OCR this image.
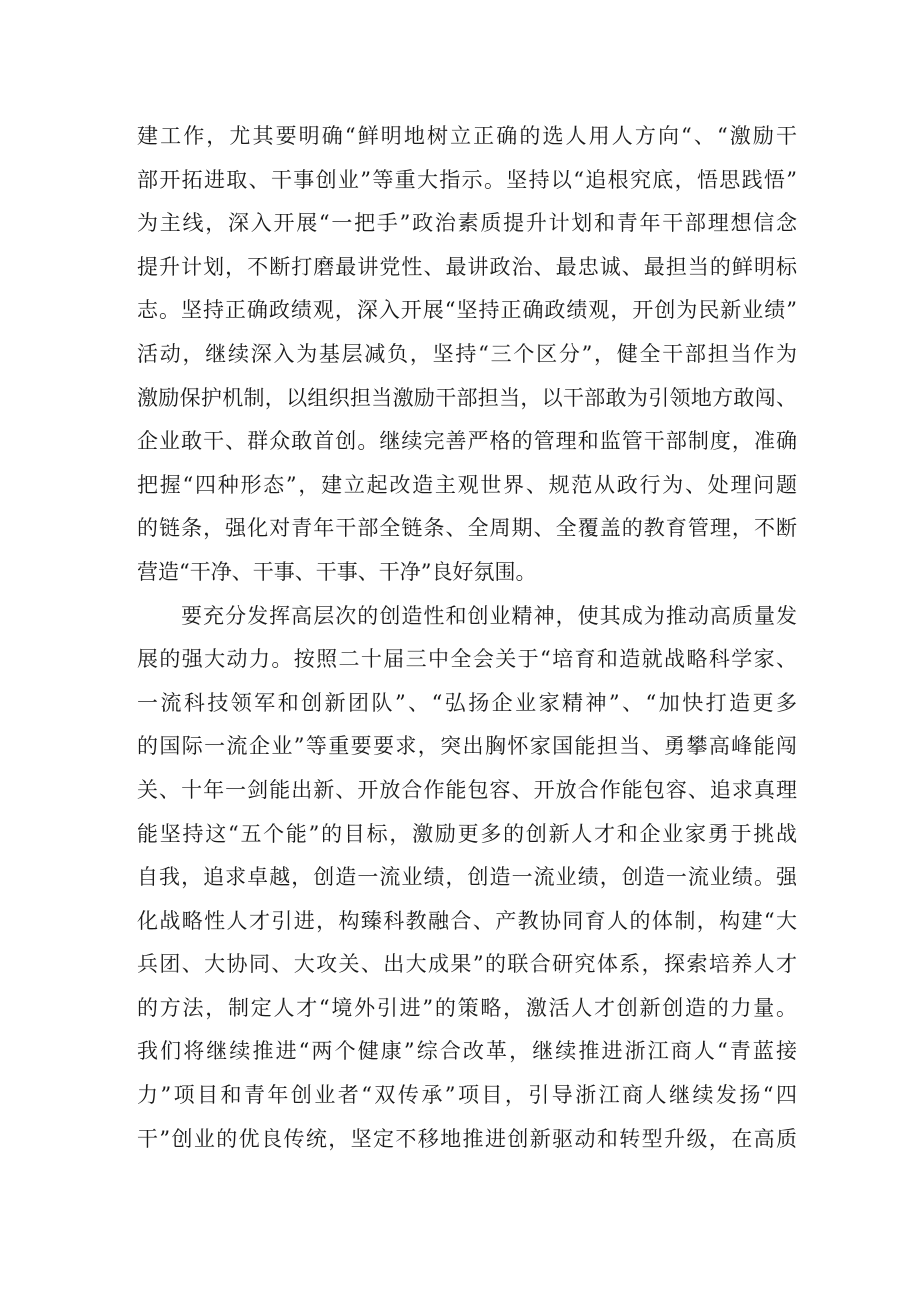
建工作，尤其要明确“鲜明地树立正确的选人用人方向“、“激励干
部开拓进取、干事创业”等重大指示。坚持以“追根究底，悟思践悟”
为主线，深入开展“一把手”政治素质提升计划和青年干部理想信念
提升计划，不断打磨最讲党性、最讲政治、最忠诚、最担当的鲜明标
志。坚持正确政绩观，深入开展“坚持正确政绩观，开创为民新业绩”
活动，继续深入为基层减负，坚持“三个区分”，健全干部担当作为
激励保护机制，以组织担当激励干部担当，以干部敢为引领地方敢闯、
企业敢干、群众敢首创。继续完善严格的管理和监管干部制度，准确
把握“四种形态”，建立起改造主观世界、规范从政行为、处理问题
的链条，强化对青年干部全链条、全周期、全覆盖的教育管理，不断
营造“干净、干事、干事、干净”良好氛围。
要充分发挥高层次的创造性和创业精神，使其成为推动高质量发
展的强大动力。按照二十届三中全会关于“培育和造就战略科学家、
一流科技领军和创新团队”、“弘扬企业家精神”、“加快打造更多
的国际一流企业”等重要要求，突出胸怀家国能担当、勇攀高峰能闯
关、十年一剑能出新、开放合作能包容、开放合作能包容、追求真理
能坚持这“五个能”的目标，激励更多的创新人才和企业家勇于挑战
自我，追求卓越，创造一流业绩，创造一流业绩，创造一流业绩。强
化战略性人才引进，构臻科教融合、产教协同育人的体制，构建“大
兵团、大协同、大攻关、出大成果”的联合研究体系，探索培养人才
的方法，制定人才“境外引进”的策略，激活人才创新创造的力量。
我们将继续推进“两个健康”综合改革，继续推进浙江商人“青蓝接
力”项目和青年创业者“双传承”项目，引导浙江商人继续发扬“四
干”创业的优良传统，坚定不移地推进创新驱动和转型升级，在高质
